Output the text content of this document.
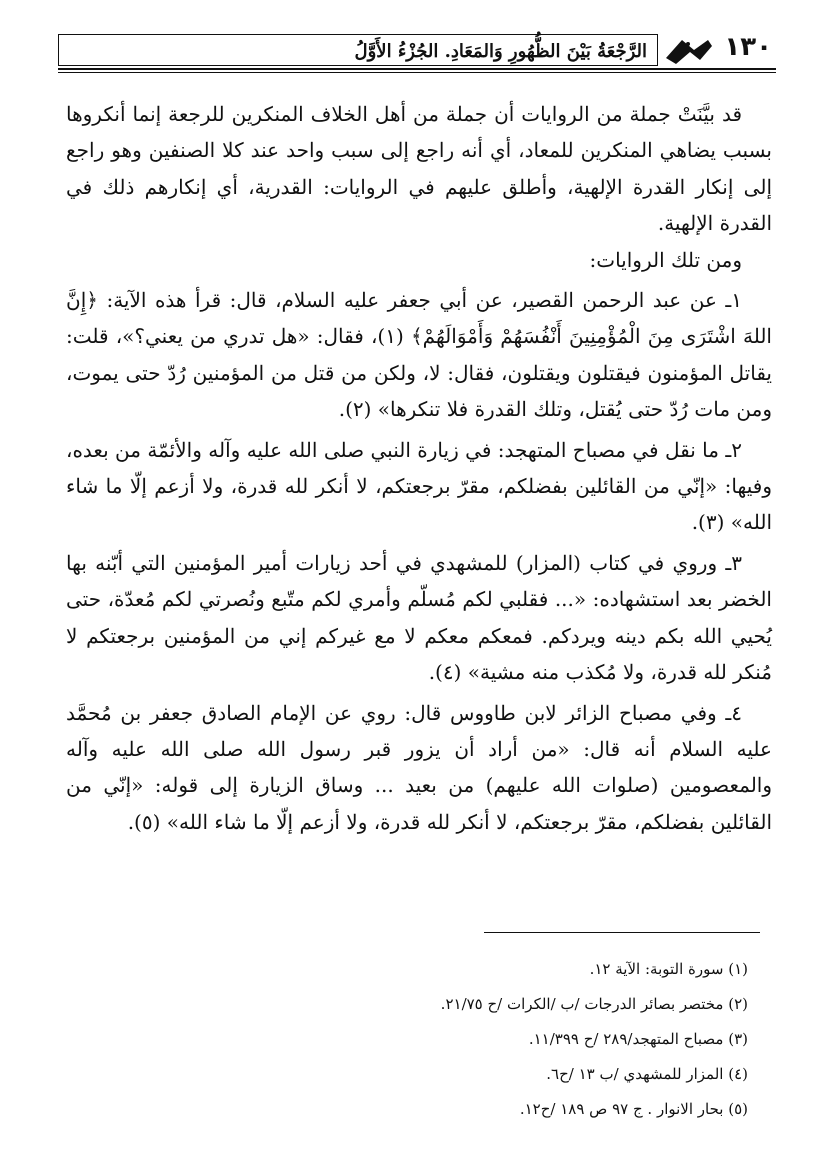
الرَّجْعَةُ بَيْنَ الظُّهُورِ وَالمَعَادِ. الجُزْءُ الأَوَّلُ	١٣٠

قد بيَّنَتْ جملة من الروايات أن جملة من أهل الخلاف المنكرين للرجعة إنما أنكروها بسبب يضاهي المنكرين للمعاد، أي أنه راجع إلى سبب واحد عند كلا الصنفين وهو راجع إلى إنكار القدرة الإلهية، وأطلق عليهم في الروايات: القدرية، أي إنكارهم ذلك في القدرة الإلهية.

ومن تلك الروايات:

١ـ عن عبد الرحمن القصير، عن أبي جعفر عليه السلام، قال: قرأ هذه الآية: ﴿إِنَّ اللهَ اشْتَرَى مِنَ الْمُؤْمِنِينَ أَنْفُسَهُمْ وَأَمْوَالَهُمْ﴾ (١)، فقال: «هل تدري من يعني؟»، قلت: يقاتل المؤمنون فيقتلون ويقتلون، فقال: لا، ولكن من قتل من المؤمنين رُدّ حتى يموت، ومن مات رُدّ حتى يُقتل، وتلك القدرة فلا تنكرها» (٢).

٢ـ ما نقل في مصباح المتهجد: في زيارة النبي صلى الله عليه وآله والأئمّة من بعده، وفيها: «إنّي من القائلين بفضلكم، مقرّ برجعتكم، لا أنكر لله قدرة، ولا أزعم إلّا ما شاء الله» (٣).

٣ـ وروي في كتاب (المزار) للمشهدي في أحد زيارات أمير المؤمنين التي أبّنه بها الخضر بعد استشهاده: «... فقلبي لكم مُسلّم وأمري لكم متّبع ونُصرتي لكم مُعدّة، حتى يُحيي الله بكم دينه ويردكم. فمعكم معكم لا مع غيركم إني من المؤمنين برجعتكم لا مُنكر لله قدرة، ولا مُكذب منه مشية» (٤).

٤ـ وفي مصباح الزائر لابن طاووس قال: روي عن الإمام الصادق جعفر بن مُحمَّد عليه السلام أنه قال: «من أراد أن يزور قبر رسول الله صلى الله عليه وآله والمعصومين (صلوات الله عليهم) من بعيد ... وساق الزيارة إلى قوله: «إنّي من القائلين بفضلكم، مقرّ برجعتكم، لا أنكر لله قدرة، ولا أزعم إلّا ما شاء الله» (٥).

(١) سورة التوبة: الآية ١٢.

(٢) مختصر بصائر الدرجات /ب /الكرات /ح ٢١/٧٥.

(٣) مصباح المتهجد/٢٨٩ /ح ١١/٣٩٩.

(٤) المزار للمشهدي /ب ١٣ /ح٦.

(٥) بحار الانوار . ج ٩٧ ص ١٨٩ /ح١٢.
